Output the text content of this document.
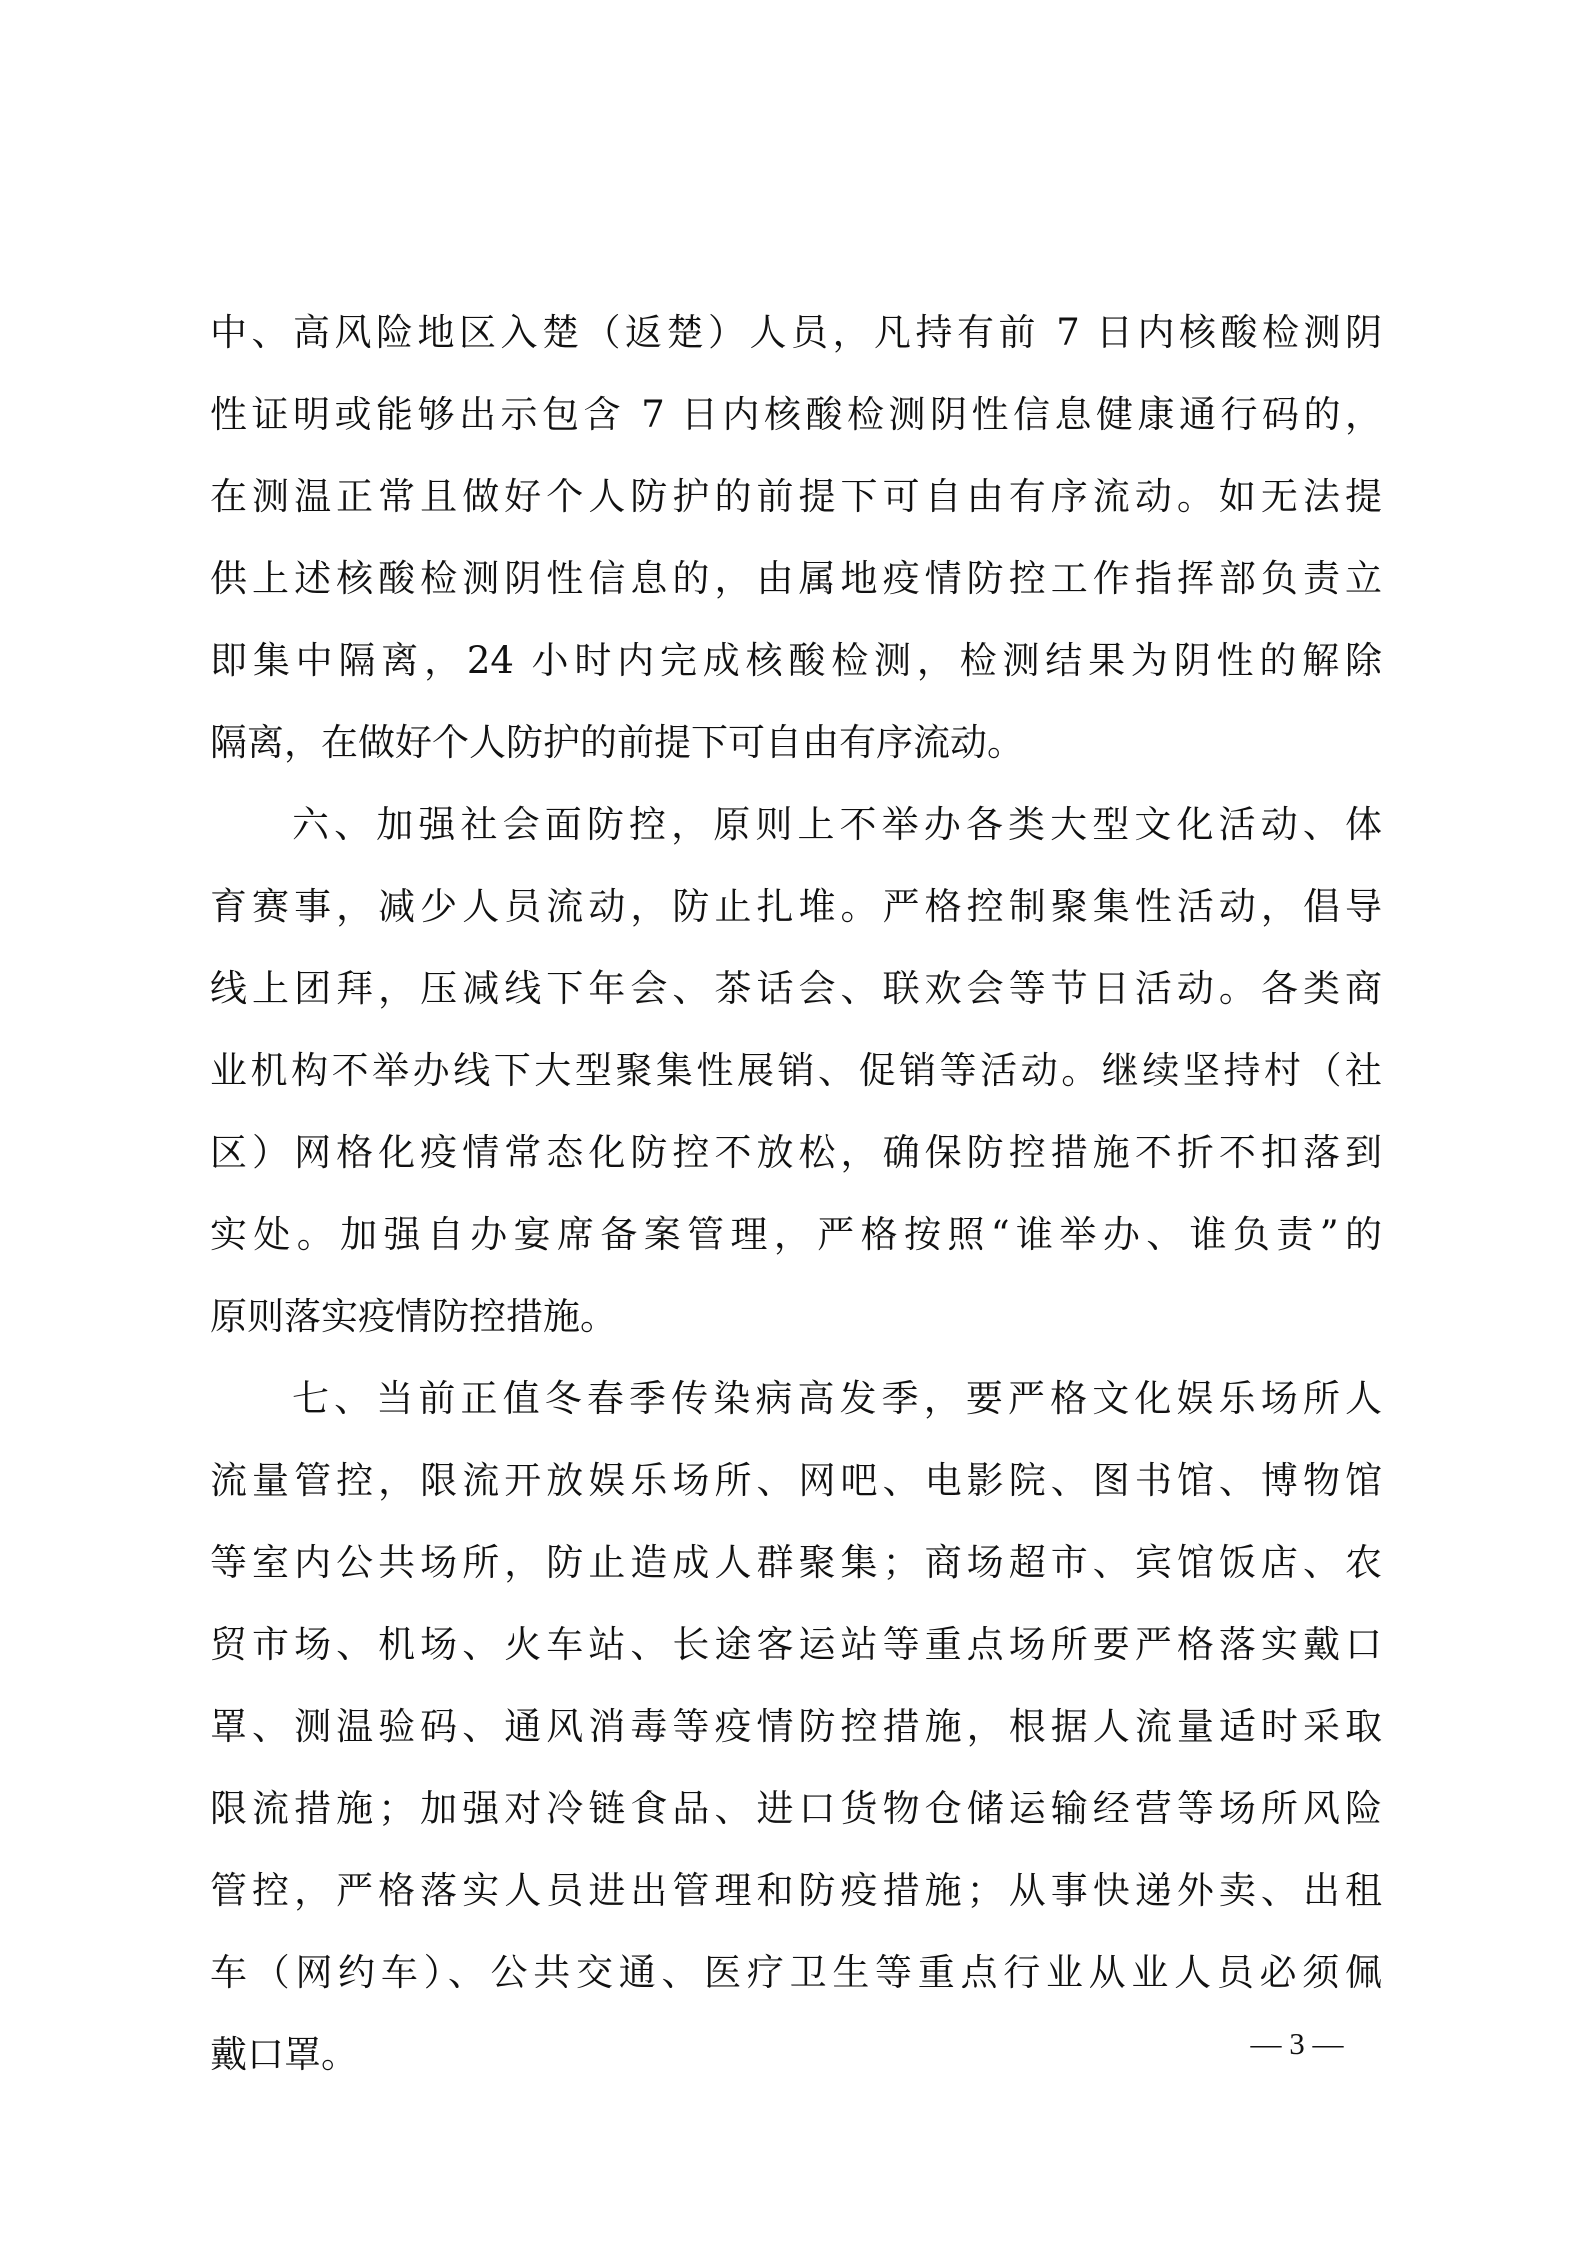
中、高风险地区入楚（返楚）人员，凡持有前 7 日内核酸检测阴
性证明或能够出示包含 7 日内核酸检测阴性信息健康通行码的，
在测温正常且做好个人防护的前提下可自由有序流动。如无法提
供上述核酸检测阴性信息的，由属地疫情防控工作指挥部负责立
即集中隔离，24 小时内完成核酸检测，检测结果为阴性的解除
隔离，在做好个人防护的前提下可自由有序流动。
六、加强社会面防控，原则上不举办各类大型文化活动、体
育赛事，减少人员流动，防止扎堆。严格控制聚集性活动，倡导
线上团拜，压减线下年会、茶话会、联欢会等节日活动。各类商
业机构不举办线下大型聚集性展销、促销等活动。继续坚持村（社
区）网格化疫情常态化防控不放松，确保防控措施不折不扣落到
实处。加强自办宴席备案管理，严格按照“谁举办、谁负责”的
原则落实疫情防控措施。
七、当前正值冬春季传染病高发季，要严格文化娱乐场所人
流量管控，限流开放娱乐场所、网吧、电影院、图书馆、博物馆
等室内公共场所，防止造成人群聚集；商场超市、宾馆饭店、农
贸市场、机场、火车站、长途客运站等重点场所要严格落实戴口
罩、测温验码、通风消毒等疫情防控措施，根据人流量适时采取
限流措施；加强对冷链食品、进口货物仓储运输经营等场所风险
管控，严格落实人员进出管理和防疫措施；从事快递外卖、出租
车（网约车）、公共交通、医疗卫生等重点行业从业人员必须佩
戴口罩。	— 3 —
